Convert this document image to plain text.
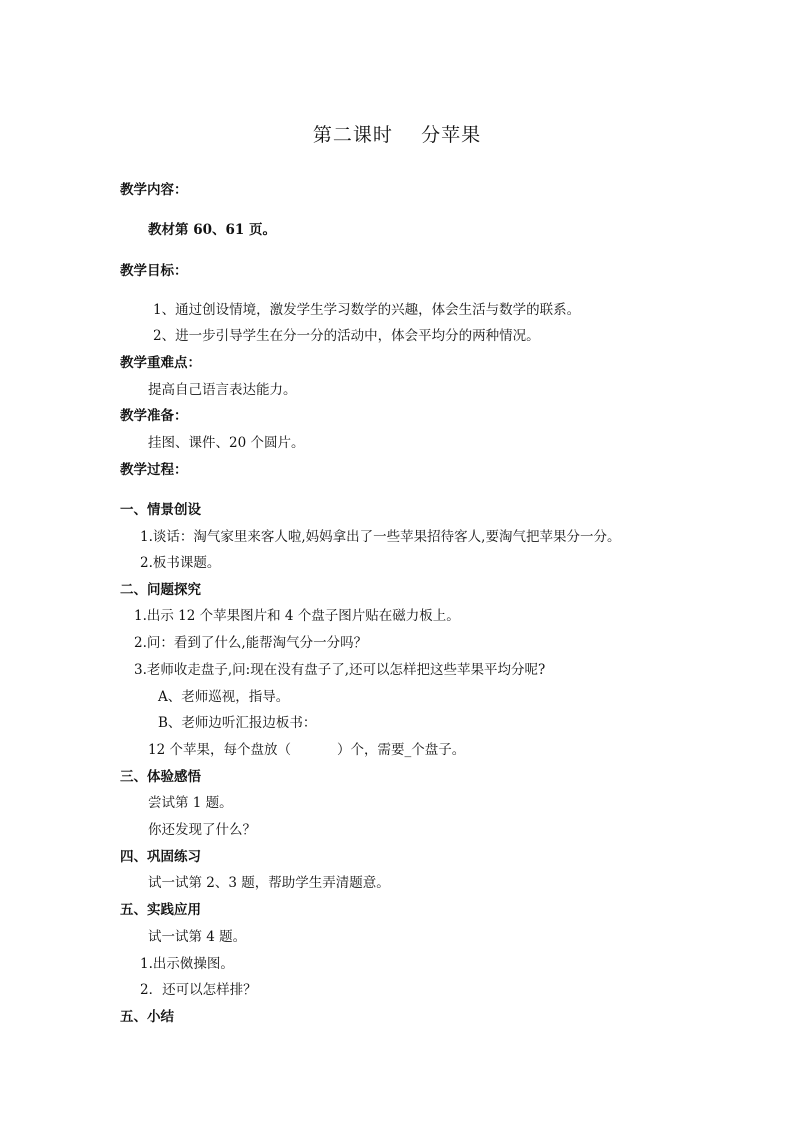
第二课时    分苹果
教学内容：
教材第 60、61 页。
教学目标：
1、通过创设情境，激发学生学习数学的兴趣，体会生活与数学的联系。
2、进一步引导学生在分一分的活动中，体会平均分的两种情况。
教学重难点：
提高自己语言表达能力。
教学准备：
挂图、课件、20 个圆片。
教学过程：
一、情景创设
1.谈话：淘气家里来客人啦,妈妈拿出了一些苹果招待客人,要淘气把苹果分一分。
2.板书课题。
二、问题探究
1.出示 12 个苹果图片和 4 个盘子图片贴在磁力板上。
2.问：看到了什么,能帮淘气分一分吗？
3.老师收走盘子,问:现在没有盘子了,还可以怎样把这些苹果平均分呢?
A、老师巡视，指导。
B、老师边听汇报边板书：
12 个苹果，每个盘放（	）个，需要_个盘子。
三、体验感悟
尝试第 1 题。
你还发现了什么？
四、巩固练习
试一试第 2、3 题，帮助学生弄清题意。
五、实践应用
试一试第 4 题。
1.出示傚操图。
2．还可以怎样排？
五、小结
